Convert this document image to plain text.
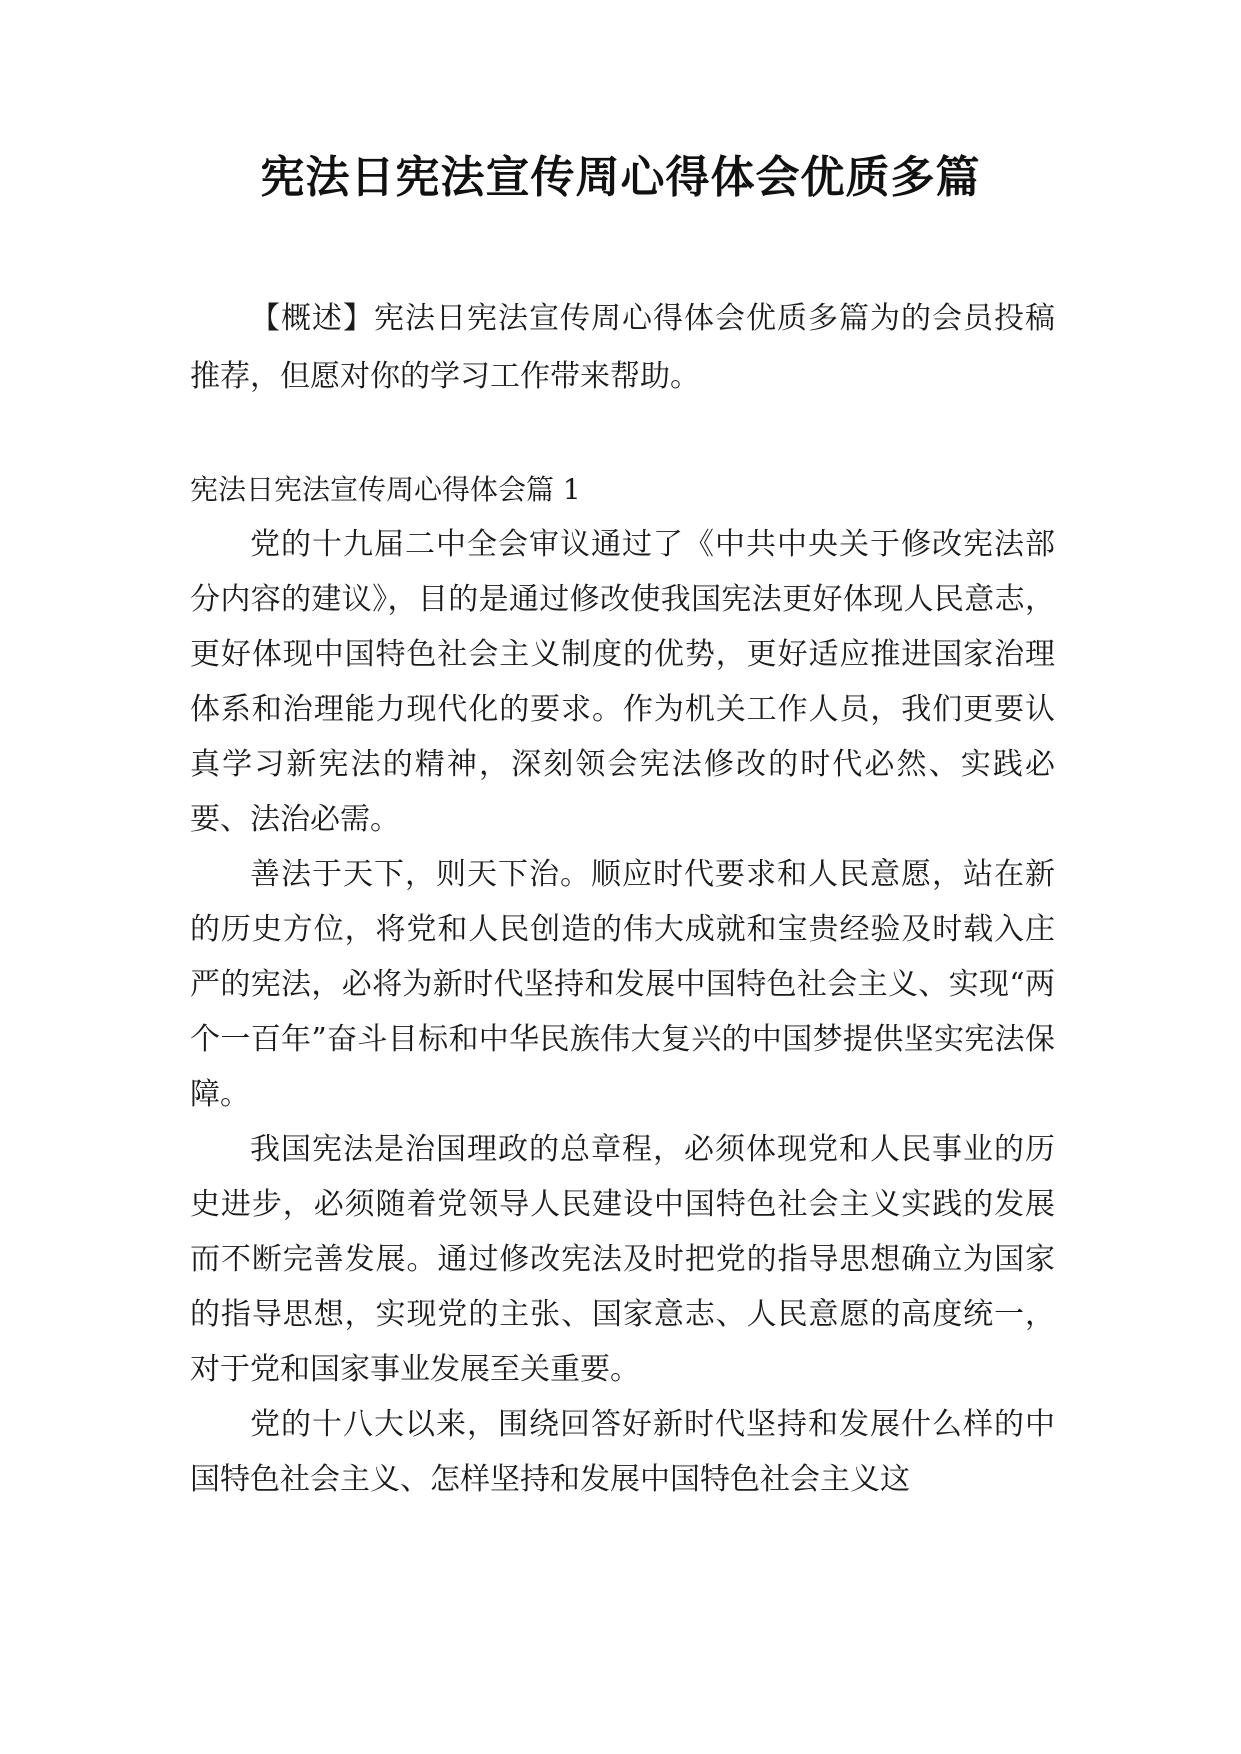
宪法日宪法宣传周心得体会优质多篇

【概述】宪法日宪法宣传周心得体会优质多篇为的会员投稿推荐，但愿对你的学习工作带来帮助。

宪法日宪法宣传周心得体会篇 1

党的十九届二中全会审议通过了《中共中央关于修改宪法部分内容的建议》，目的是通过修改使我国宪法更好体现人民意志，更好体现中国特色社会主义制度的优势，更好适应推进国家治理体系和治理能力现代化的要求。作为机关工作人员，我们更要认真学习新宪法的精神，深刻领会宪法修改的时代必然、实践必要、法治必需。

善法于天下，则天下治。顺应时代要求和人民意愿，站在新的历史方位，将党和人民创造的伟大成就和宝贵经验及时载入庄严的宪法，必将为新时代坚持和发展中国特色社会主义、实现“两个一百年”奋斗目标和中华民族伟大复兴的中国梦提供坚实宪法保障。

我国宪法是治国理政的总章程，必须体现党和人民事业的历史进步，必须随着党领导人民建设中国特色社会主义实践的发展而不断完善发展。通过修改宪法及时把党的指导思想确立为国家的指导思想，实现党的主张、国家意志、人民意愿的高度统一，对于党和国家事业发展至关重要。

党的十八大以来，围绕回答好新时代坚持和发展什么样的中国特色社会主义、怎样坚持和发展中国特色社会主义这
